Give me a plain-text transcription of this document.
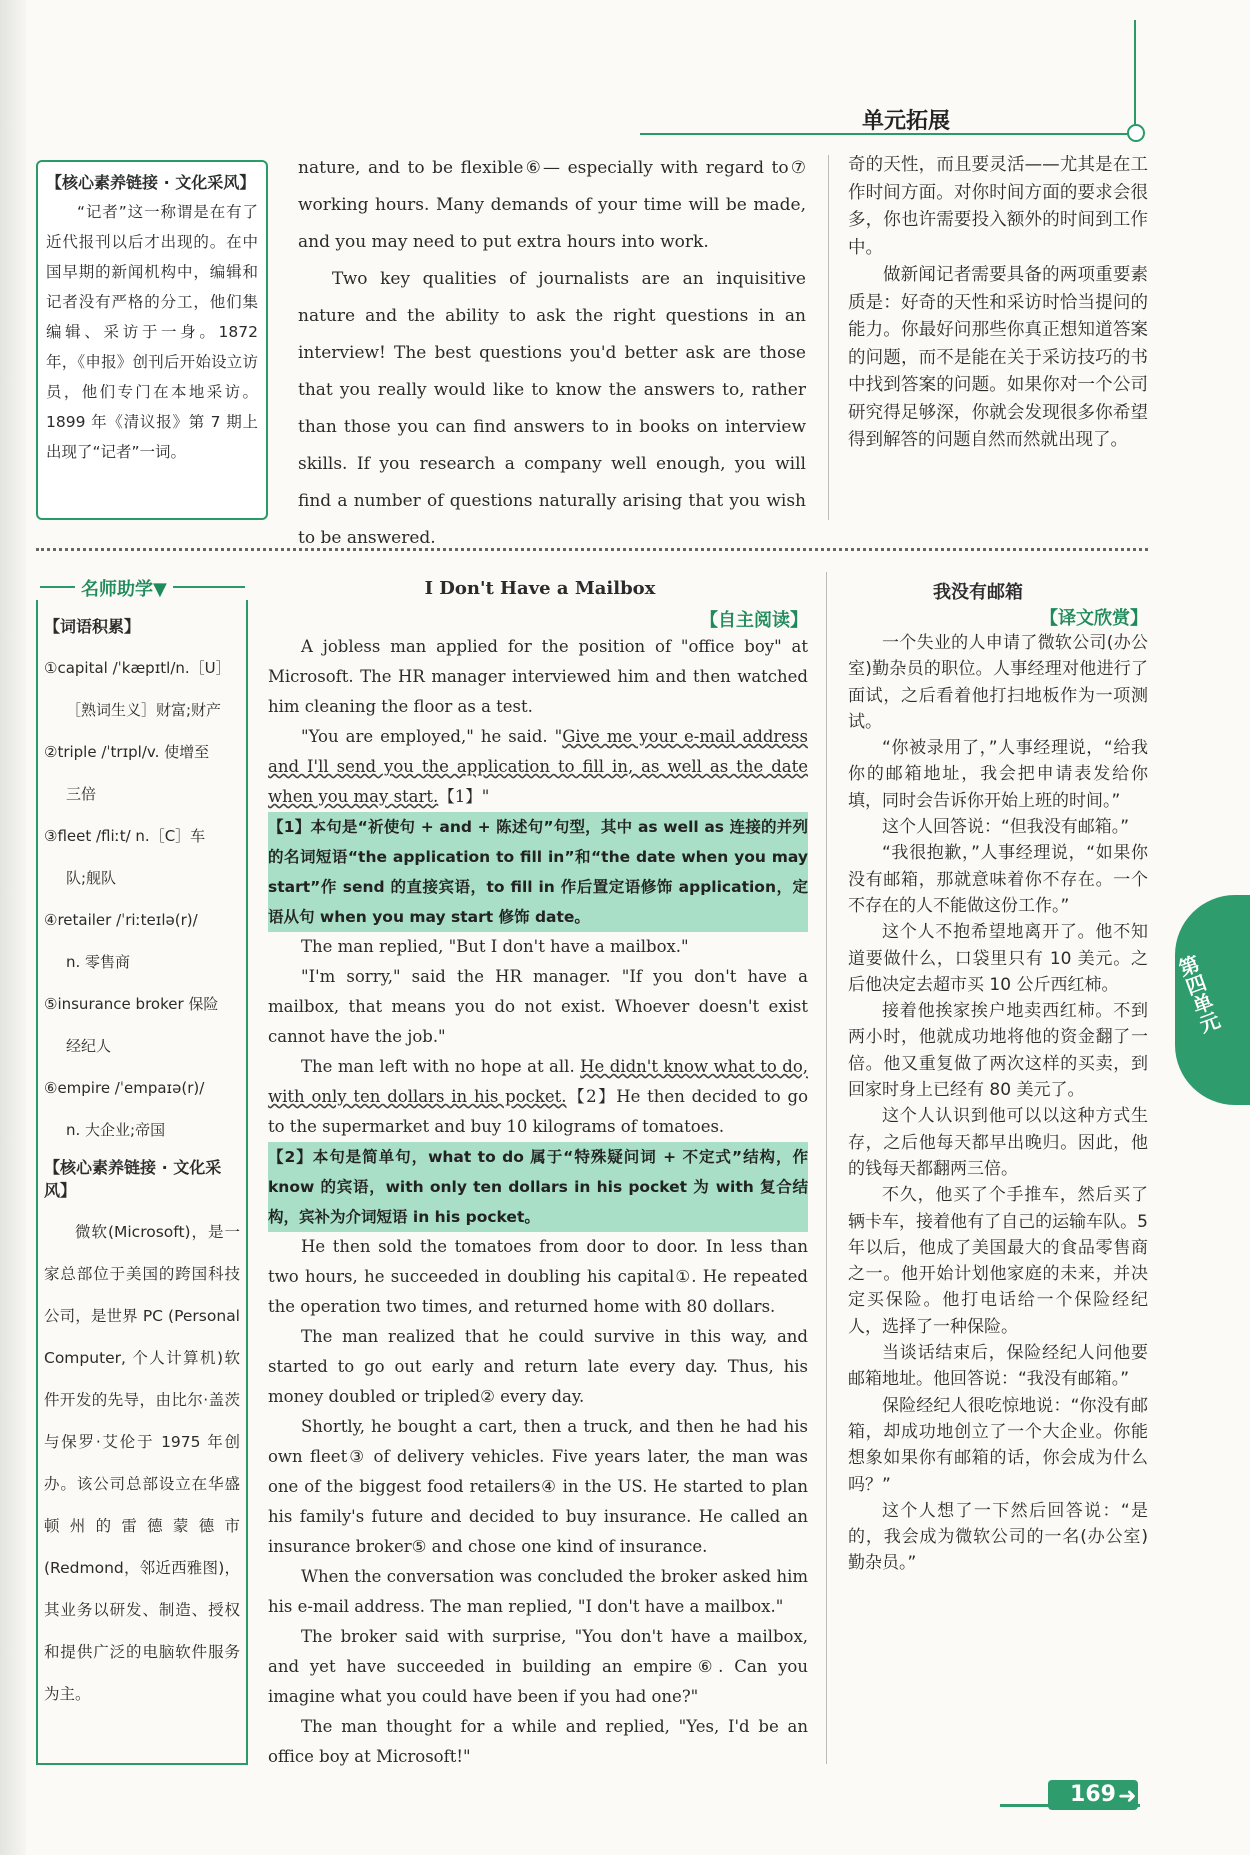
单元拓展
【核心素养链接 · 文化采风】

“记者”这一称谓是在有了近代报刊以后才出现的。在中国早期的新闻机构中，编辑和记者没有严格的分工，他们集编辑、采访于一身。1872 年，《申报》创刊后开始设立访员，他们专门在本地采访。1899 年《清议报》第 7 期上出现了“记者”一词。

nature, and to be flexible⑥— especially with regard to⑦ working hours. Many demands of your time will be made, and you may need to put extra hours into work.

Two key qualities of journalists are an inquisitive nature and the ability to ask the right questions in an interview! The best questions you'd better ask are those that you really would like to know the answers to, rather than those you can find answers to in books on interview skills. If you research a company well enough, you will find a number of questions naturally arising that you wish to be answered.

奇的天性，而且要灵活——尤其是在工作时间方面。对你时间方面的要求会很多，你也许需要投入额外的时间到工作中。

做新闻记者需要具备的两项重要素质是：好奇的天性和采访时恰当提问的能力。你最好问那些你真正想知道答案的问题，而不是能在关于采访技巧的书中找到答案的问题。如果你对一个公司研究得足够深，你就会发现很多你希望得到解答的问题自然而然就出现了。

名师助学▼
【词语积累】
①capital /ˈkæpɪtl/n.［U］
［熟词生义］财富;财产
②triple /ˈtrɪpl/v. 使增至
三倍
③fleet /fliːt/ n.［C］车
队;舰队
④retailer /ˈriːteɪlə(r)/
n. 零售商
⑤insurance broker 保险
经纪人
⑥empire /ˈempaɪə(r)/
n. 大企业;帝国
【核心素养链接 · 文化采风】

微软(Microsoft)，是一家总部位于美国的跨国科技公司，是世界 PC (Personal Computer, 个人计算机)软件开发的先导，由比尔·盖茨与保罗·艾伦于 1975 年创办。该公司总部设立在华盛顿州的雷德蒙德市(Redmond，邻近西雅图)，其业务以研发、制造、授权和提供广泛的电脑软件服务为主。

I Don't Have a Mailbox
【自主阅读】

A jobless man applied for the position of "office boy" at Microsoft. The HR manager interviewed him and then watched him cleaning the floor as a test.

"You are employed," he said. "Give me your e-mail address and I'll send you the application to fill in, as well as the date when you may start.【1】"

【1】本句是“祈使句 + and + 陈述句”句型，其中 as well as 连接的并列的名词短语“the application to fill in”和“the date when you may start”作 send 的直接宾语，to fill in 作后置定语修饰 application，定语从句 when you may start 修饰 date。

The man replied, "But I don't have a mailbox."

"I'm sorry," said the HR manager. "If you don't have a mailbox, that means you do not exist. Whoever doesn't exist cannot have the job."

The man left with no hope at all. He didn't know what to do, with only ten dollars in his pocket.【2】He then decided to go to the supermarket and buy 10 kilograms of tomatoes.

【2】本句是简单句，what to do 属于“特殊疑问词 + 不定式”结构，作 know 的宾语，with only ten dollars in his pocket 为 with 复合结构，宾补为介词短语 in his pocket。

He then sold the tomatoes from door to door. In less than two hours, he succeeded in doubling his capital①. He repeated the operation two times, and returned home with 80 dollars.

The man realized that he could survive in this way, and started to go out early and return late every day. Thus, his money doubled or tripled② every day.

Shortly, he bought a cart, then a truck, and then he had his own fleet③ of delivery vehicles. Five years later, the man was one of the biggest food retailers④ in the US. He started to plan his family's future and decided to buy insurance. He called an insurance broker⑤ and chose one kind of insurance.

When the conversation was concluded the broker asked him his e-mail address. The man replied, "I don't have a mailbox."

The broker said with surprise, "You don't have a mailbox, and yet have succeeded in building an empire⑥. Can you imagine what you could have been if you had one?"

The man thought for a while and replied, "Yes, I'd be an office boy at Microsoft!"

我没有邮箱
【译文欣赏】

一个失业的人申请了微软公司(办公室)勤杂员的职位。人事经理对他进行了面试，之后看着他打扫地板作为一项测试。

“你被录用了，”人事经理说，“给我你的邮箱地址，我会把申请表发给你填，同时会告诉你开始上班的时间。”

这个人回答说：“但我没有邮箱。”

“我很抱歉，”人事经理说，“如果你没有邮箱，那就意味着你不存在。一个不存在的人不能做这份工作。”

这个人不抱希望地离开了。他不知道要做什么，口袋里只有 10 美元。之后他决定去超市买 10 公斤西红柿。

接着他挨家挨户地卖西红柿。不到两小时，他就成功地将他的资金翻了一倍。他又重复做了两次这样的买卖，到回家时身上已经有 80 美元了。

这个人认识到他可以以这种方式生存，之后他每天都早出晚归。因此，他的钱每天都翻两三倍。

不久，他买了个手推车，然后买了辆卡车，接着他有了自己的运输车队。5 年以后，他成了美国最大的食品零售商之一。他开始计划他家庭的未来，并决定买保险。他打电话给一个保险经纪人，选择了一种保险。

当谈话结束后，保险经纪人问他要邮箱地址。他回答说：“我没有邮箱。”

保险经纪人很吃惊地说：“你没有邮箱，却成功地创立了一个大企业。你能想象如果你有邮箱的话，你会成为什么吗？”

这个人想了一下然后回答说：“是的，我会成为微软公司的一名(办公室)勤杂员。”

第四单元
169 ➜
